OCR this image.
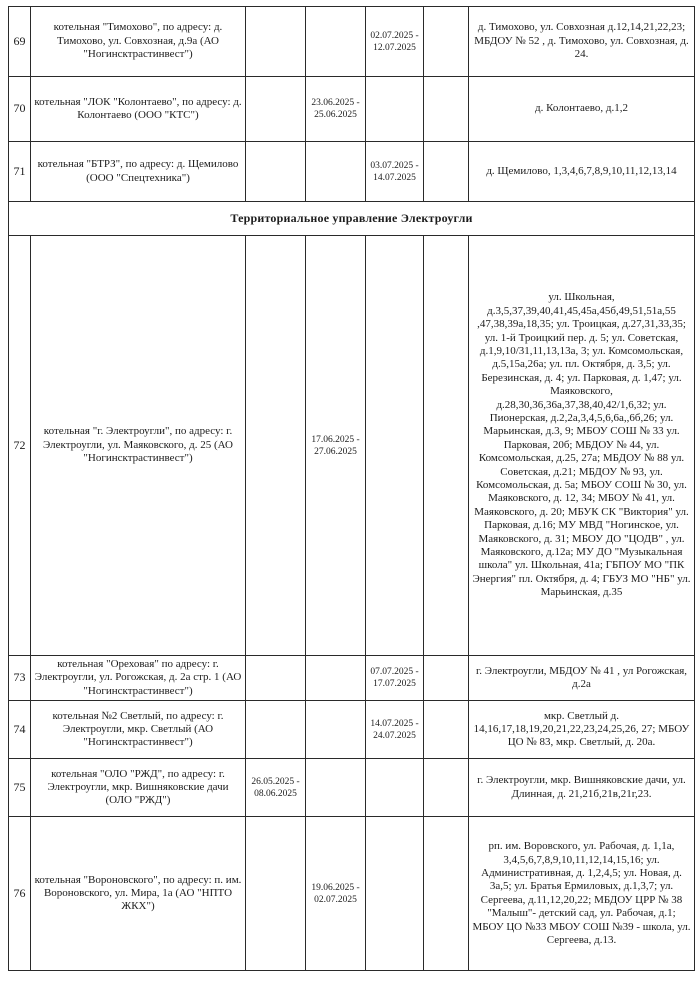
69	котельная "Тимохово", по адресу: д. Тимохово, ул. Совхозная, д.9а (АО "Ногинсктрастинвест")			02.07.2025 - 12.07.2025		д. Тимохово, ул. Совхозная д.12,14,21,22,23; МБДОУ № 52 , д. Тимохово, ул. Совхозная, д. 24.
70	котельная "ЛОК "Колонтаево", по адресу: д. Колонтаево (ООО "КТС")		23.06.2025 - 25.06.2025			д. Колонтаево, д.1,2
71	котельная "БТРЗ", по адресу: д. Щемилово (ООО "Спецтехника")			03.07.2025 - 14.07.2025		д. Щемилово, 1,3,4,6,7,8,9,10,11,12,13,14
Территориальное управление Электроугли						
72	котельная "г. Электроугли", по адресу: г. Электроугли, ул. Маяковского, д. 25 (АО "Ногинсктрастинвест")		17.06.2025 - 27.06.2025			ул. Школьная, д.3,5,37,39,40,41,45,45а,45б,49,51,51а,55 ,47,38,39а,18,35; ул. Троицкая, д.27,31,33,35; ул. 1-й Троицкий пер. д. 5; ул. Советская, д.1,9,10/31,11,13,13а, 3; ул. Комсомольская, д.5,15а,26а; ул. пл. Октября, д. 3,5; ул. Березинская, д. 4; ул. Парковая, д. 1,47; ул. Маяковского, д.28,30,36,36а,37,38,40,42/1,6,32; ул. Пионерская, д.2,2а,3,4,5,6,6а,,6б,26; ул. Марьинская, д.3, 9; МБОУ СОШ № 33 ул. Парковая, 20б; МБДОУ № 44, ул. Комсомольская, д.25, 27а; МБДОУ № 88 ул. Советская, д.21; МБДОУ № 93, ул. Комсомольская, д. 5а; МБОУ СОШ № 30, ул. Маяковского, д. 12, 34; МБОУ № 41, ул. Маяковского, д. 20; МБУК СК "Виктория" ул. Парковая, д.16; МУ МВД "Ногинское, ул. Маяковского, д. 31; МБОУ ДО "ЦОДВ" , ул. Маяковского, д.12а; МУ ДО "Музыкальная школа" ул. Школьная, 41а; ГБПОУ МО "ПК Энергия" пл. Октября, д. 4; ГБУЗ МО "НБ" ул. Марьинская, д.35
73	котельная "Ореховая" по адресу: г. Электроугли, ул. Рогожская, д. 2а стр. 1 (АО "Ногинсктрастинвест")			07.07.2025 - 17.07.2025		г. Электроугли, МБДОУ № 41 , ул Рогожская, д.2а
74	котельная №2 Светлый, по адресу: г. Электроугли, мкр. Светлый (АО "Ногинсктрастинвест")			14.07.2025 - 24.07.2025		мкр. Светлый д. 14,16,17,18,19,20,21,22,23,24,25,26, 27; МБОУ ЦО № 83, мкр. Светлый, д. 20а.
75	котельная "ОЛО "РЖД", по адресу: г. Электроугли, мкр. Вишняковские дачи (ОЛО "РЖД")	26.05.2025 - 08.06.2025				г. Электроугли, мкр. Вишняковские дачи, ул. Длинная, д. 21,21б,21в,21г,23.
76	котельная "Вороновского", по адресу: п. им. Вороновского, ул. Мира, 1а (АО "НПТО ЖКХ")		19.06.2025 - 02.07.2025			рп. им. Воровского, ул. Рабочая, д. 1,1а, 3,4,5,6,7,8,9,10,11,12,14,15,16; ул. Административная, д. 1,2,4,5; ул. Новая, д. 3а,5; ул. Братья Ермиловых, д.1,3,7; ул. Сергеева, д.11,12,20,22; МБДОУ ЦРР № 38 "Малыш"- детский сад, ул. Рабочая, д.1; МБОУ ЦО №33 МБОУ СОШ №39 - школа, ул. Сергеева, д.13.
